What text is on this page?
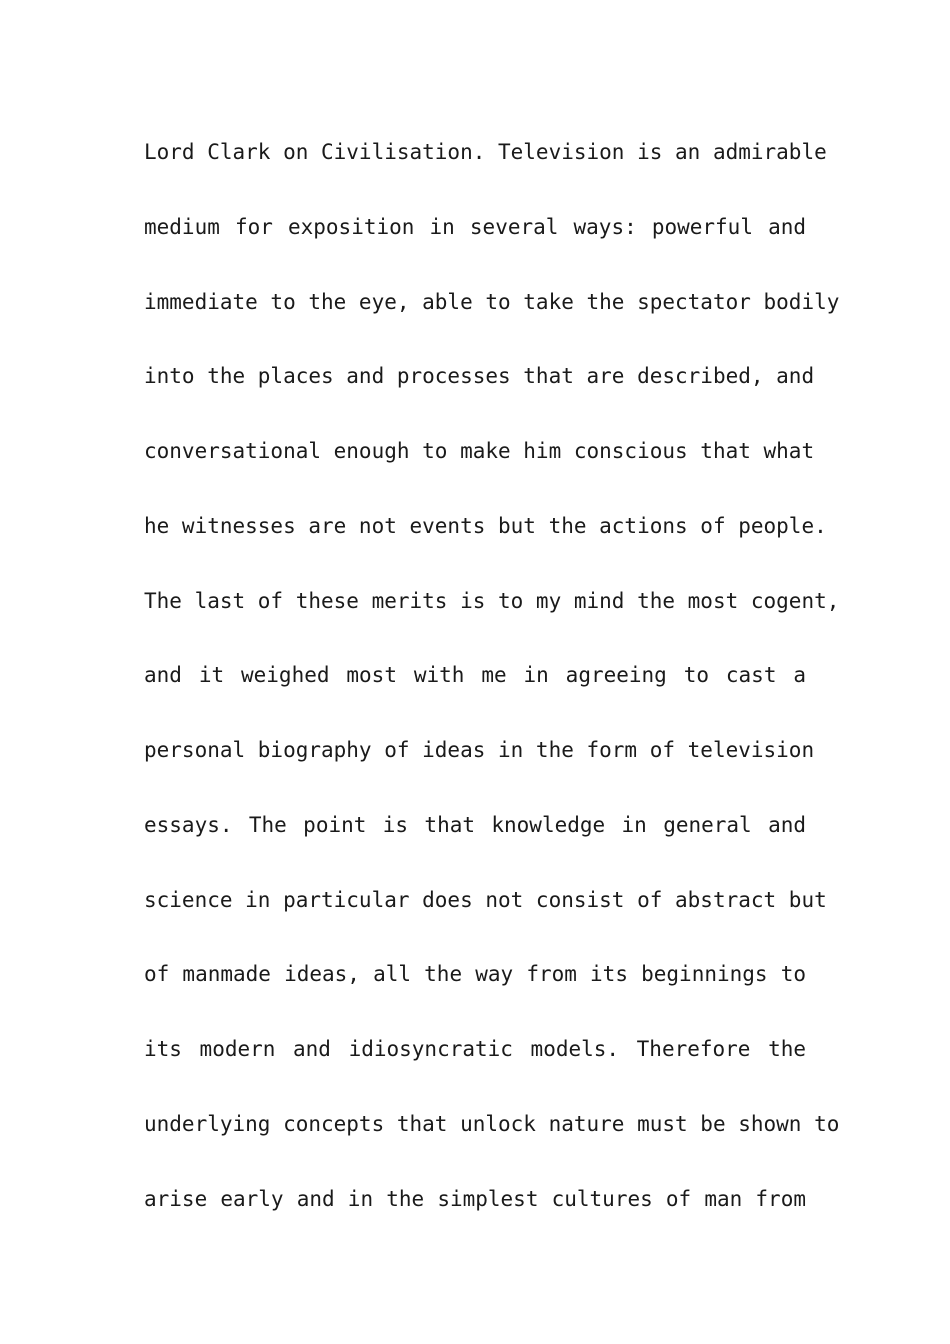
Lord Clark on Civilisation. Television is an admirable
medium for exposition in several ways: powerful and
immediate to the eye, able to take the spectator bodily
into the places and processes that are described, and
conversational enough to make him conscious that what
he witnesses are not events but the actions of people.
The last of these merits is to my mind the most cogent,
and it weighed most with me in agreeing to cast a
personal biography of ideas in the form of television
essays. The point is that knowledge in general and
science in particular does not consist of abstract but
of manmade ideas, all the way from its beginnings to
its modern and idiosyncratic models. Therefore the
underlying concepts that unlock nature must be shown to
arise early and in the simplest cultures of man from
